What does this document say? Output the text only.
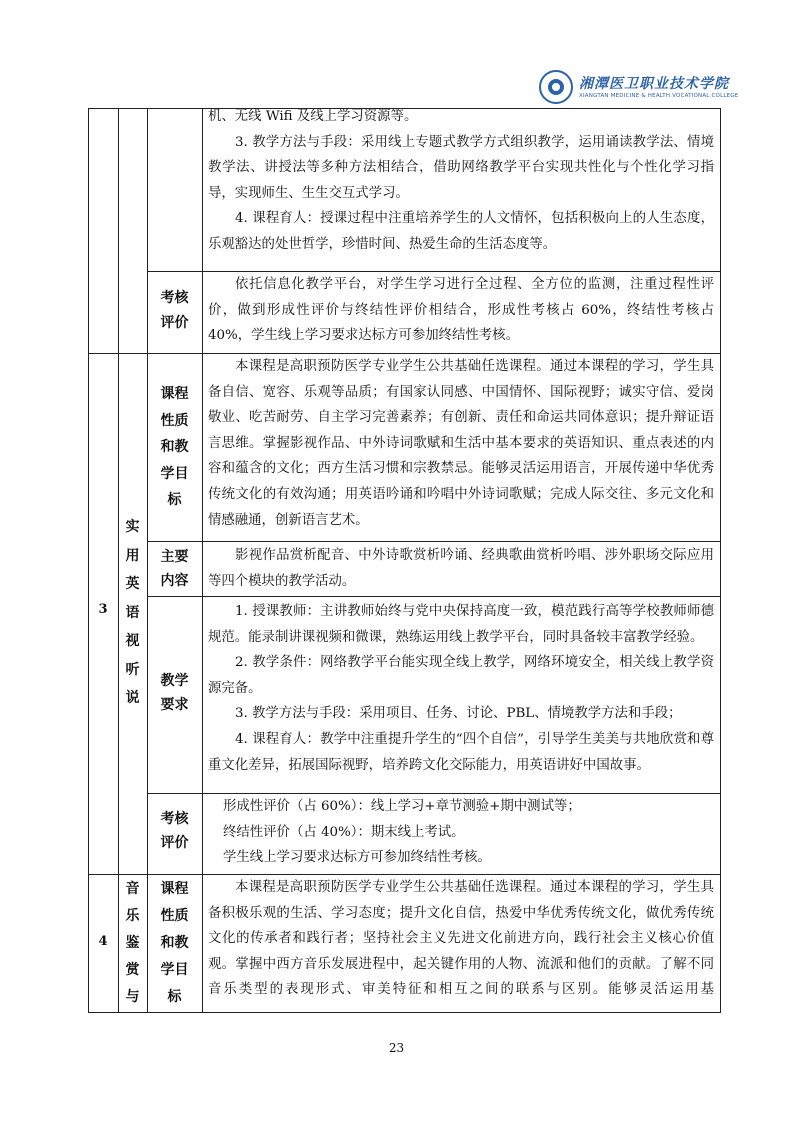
湘潭医卫职业技术学院
XIANGTAN MEDICINE & HEALTH VOCATIONAL COLLEGE

机、无线 Wifi 及线上学习资源等。

3. 教学方法与手段：采用线上专题式教学方式组织教学，运用诵读教学法、情境教学法、讲授法等多种方法相结合，借助网络教学平台实现共性化与个性化学习指导，实现师生、生生交互式学习。

4. 课程育人：授课过程中注重培养学生的人文情怀，包括积极向上的人生态度，乐观豁达的处世哲学，珍惜时间、热爱生命的生活态度等。

考核评价

依托信息化教学平台，对学生学习进行全过程、全方位的监测，注重过程性评价，做到形成性评价与终结性评价相结合，形成性考核占 60%，终结性考核占 40%，学生线上学习要求达标方可参加终结性考核。

3
实
用
英
语
视
听
说
课程
性质
和教
学目
标

本课程是高职预防医学专业学生公共基础任选课程。通过本课程的学习，学生具备自信、宽容、乐观等品质；有国家认同感、中国情怀、国际视野；诚实守信、爱岗敬业、吃苦耐劳、自主学习完善素养；有创新、责任和命运共同体意识；提升辩证语言思维。掌握影视作品、中外诗词歌赋和生活中基本要求的英语知识、重点表述的内容和蕴含的文化；西方生活习惯和宗教禁忌。能够灵活运用语言，开展传递中华优秀传统文化的有效沟通；用英语吟诵和吟唱中外诗词歌赋；完成人际交往、多元文化和情感融通，创新语言艺术。

主要
内容

影视作品赏析配音、中外诗歌赏析吟诵、经典歌曲赏析吟唱、涉外职场交际应用等四个模块的教学活动。

教学
要求

1. 授课教师：主讲教师始终与党中央保持高度一致，模范践行高等学校教师师德规范。能录制讲课视频和微课，熟练运用线上教学平台，同时具备较丰富教学经验。

2. 教学条件：网络教学平台能实现全线上教学，网络环境安全，相关线上教学资源完备。

3. 教学方法与手段：采用项目、任务、讨论、PBL、情境教学方法和手段；

4. 课程育人：教学中注重提升学生的“四个自信”，引导学生美美与共地欣赏和尊重文化差异，拓展国际视野，培养跨文化交际能力，用英语讲好中国故事。

考核
评价

形成性评价（占 60%）：线上学习+章节测验+期中测试等；

终结性评价（占 40%）：期末线上考试。

学生线上学习要求达标方可参加终结性考核。

4
音
乐
鉴
赏
与
课程
性质
和教
学目
标

本课程是高职预防医学专业学生公共基础任选课程。通过本课程的学习，学生具备积极乐观的生活、学习态度；提升文化自信，热爱中华优秀传统文化，做优秀传统文化的传承者和践行者；坚持社会主义先进文化前进方向，践行社会主义核心价值观。掌握中西方音乐发展进程中，起关键作用的人物、流派和他们的贡献。了解不同音乐类型的表现形式、审美特征和相互之间的联系与区别。能够灵活运用基

23
